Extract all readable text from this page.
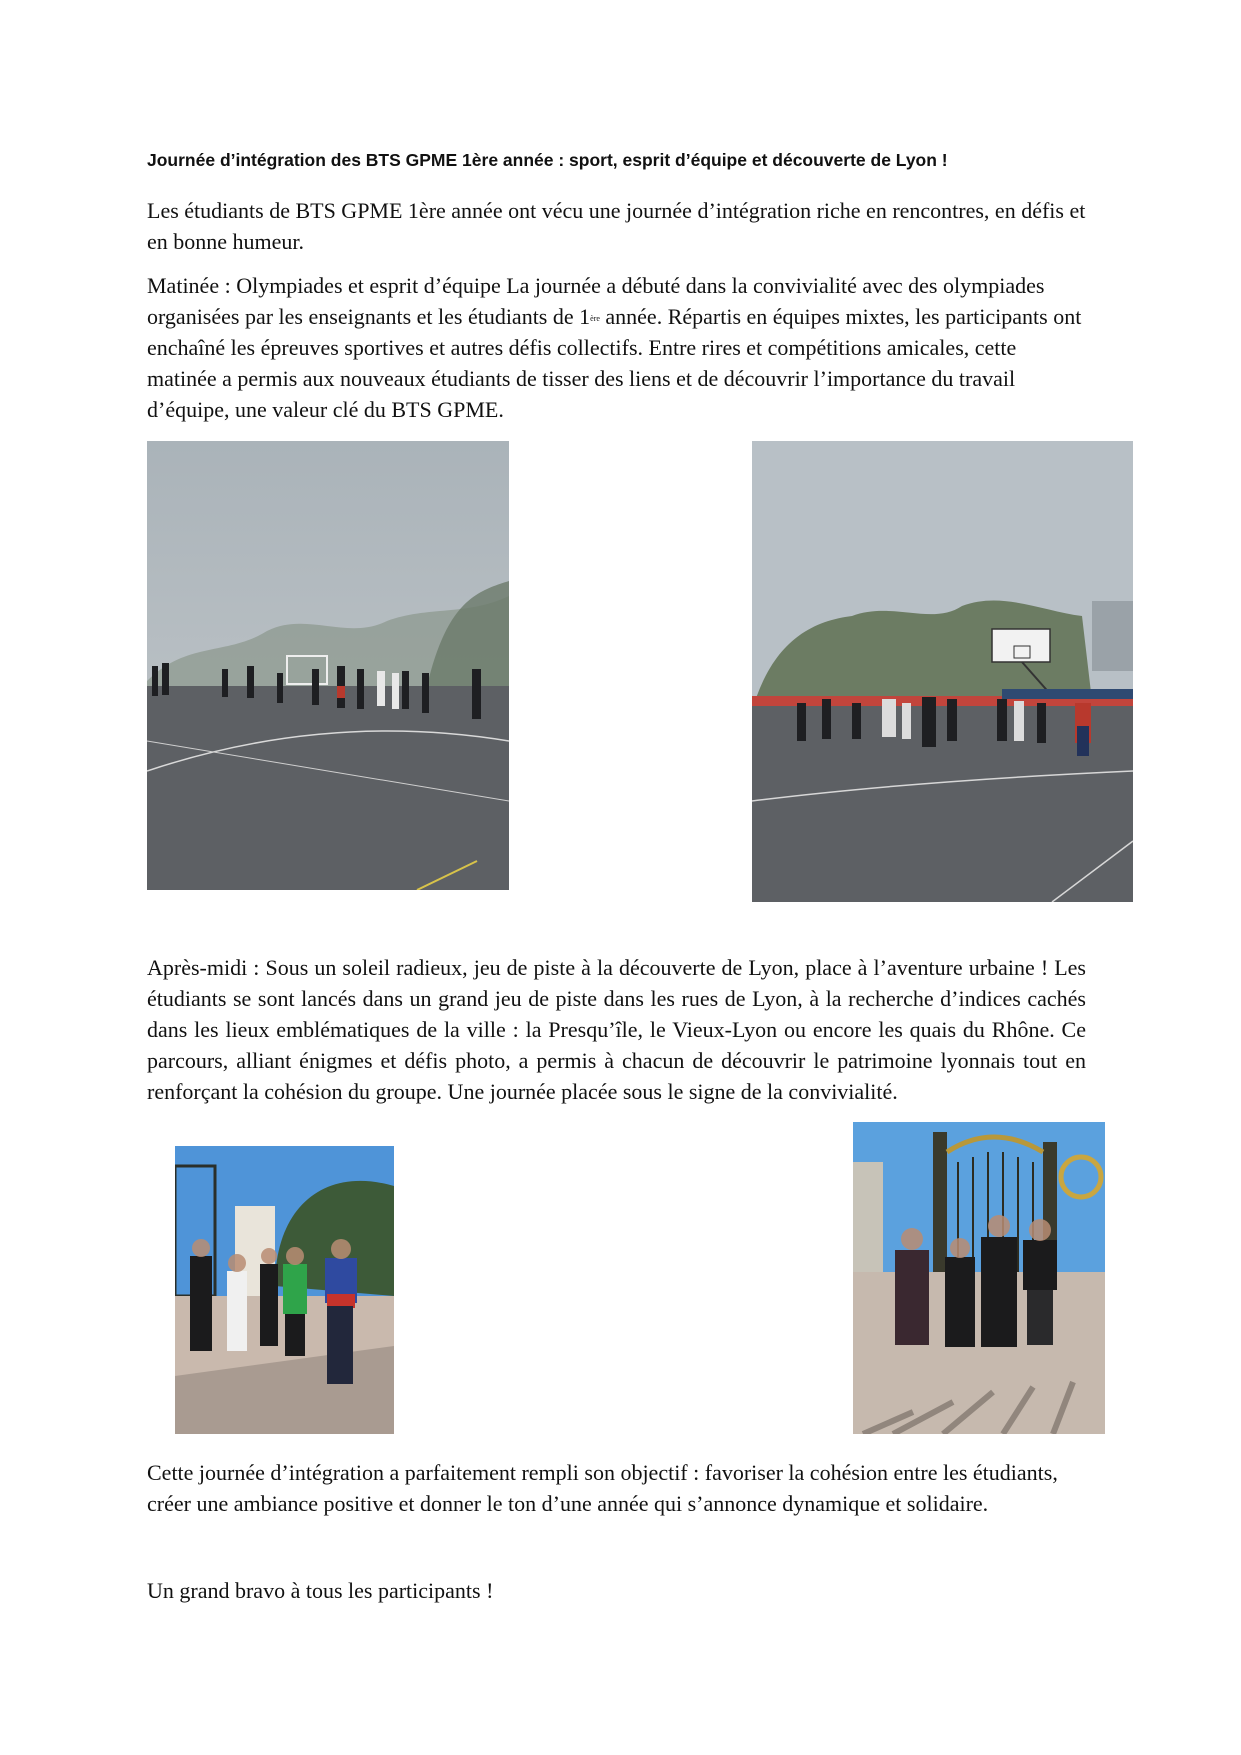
Journée d’intégration des BTS GPME 1ère année : sport, esprit d’équipe et découverte de Lyon !

Les étudiants de BTS GPME 1ère année ont vécu une journée d’intégration riche en rencontres, en défis et en bonne humeur.

Matinée : Olympiades et esprit d’équipe La journée a débuté dans la convivialité avec des olympiades organisées par les enseignants et les étudiants de 1ère année. Répartis en équipes mixtes, les participants ont enchaîné les épreuves sportives et autres défis collectifs. Entre rires et compétitions amicales, cette matinée a permis aux nouveaux étudiants de tisser des liens et de découvrir l’importance du travail d’équipe, une valeur clé du BTS GPME.

Après-midi : Sous un soleil radieux, jeu de piste à la découverte de Lyon, place à l’aventure urbaine ! Les étudiants se sont lancés dans un grand jeu de piste dans les rues de Lyon, à la recherche d’indices cachés dans les lieux emblématiques de la ville : la Presqu’île, le Vieux-Lyon ou encore les quais du Rhône. Ce parcours, alliant énigmes et défis photo, a permis à chacun de découvrir le patrimoine lyonnais tout en renforçant la cohésion du groupe. Une journée placée sous le signe de la convivialité.

Cette journée d’intégration a parfaitement rempli son objectif : favoriser la cohésion entre les étudiants, créer une ambiance positive et donner le ton d’une année qui s’annonce dynamique et solidaire.

Un grand bravo à tous les participants !
